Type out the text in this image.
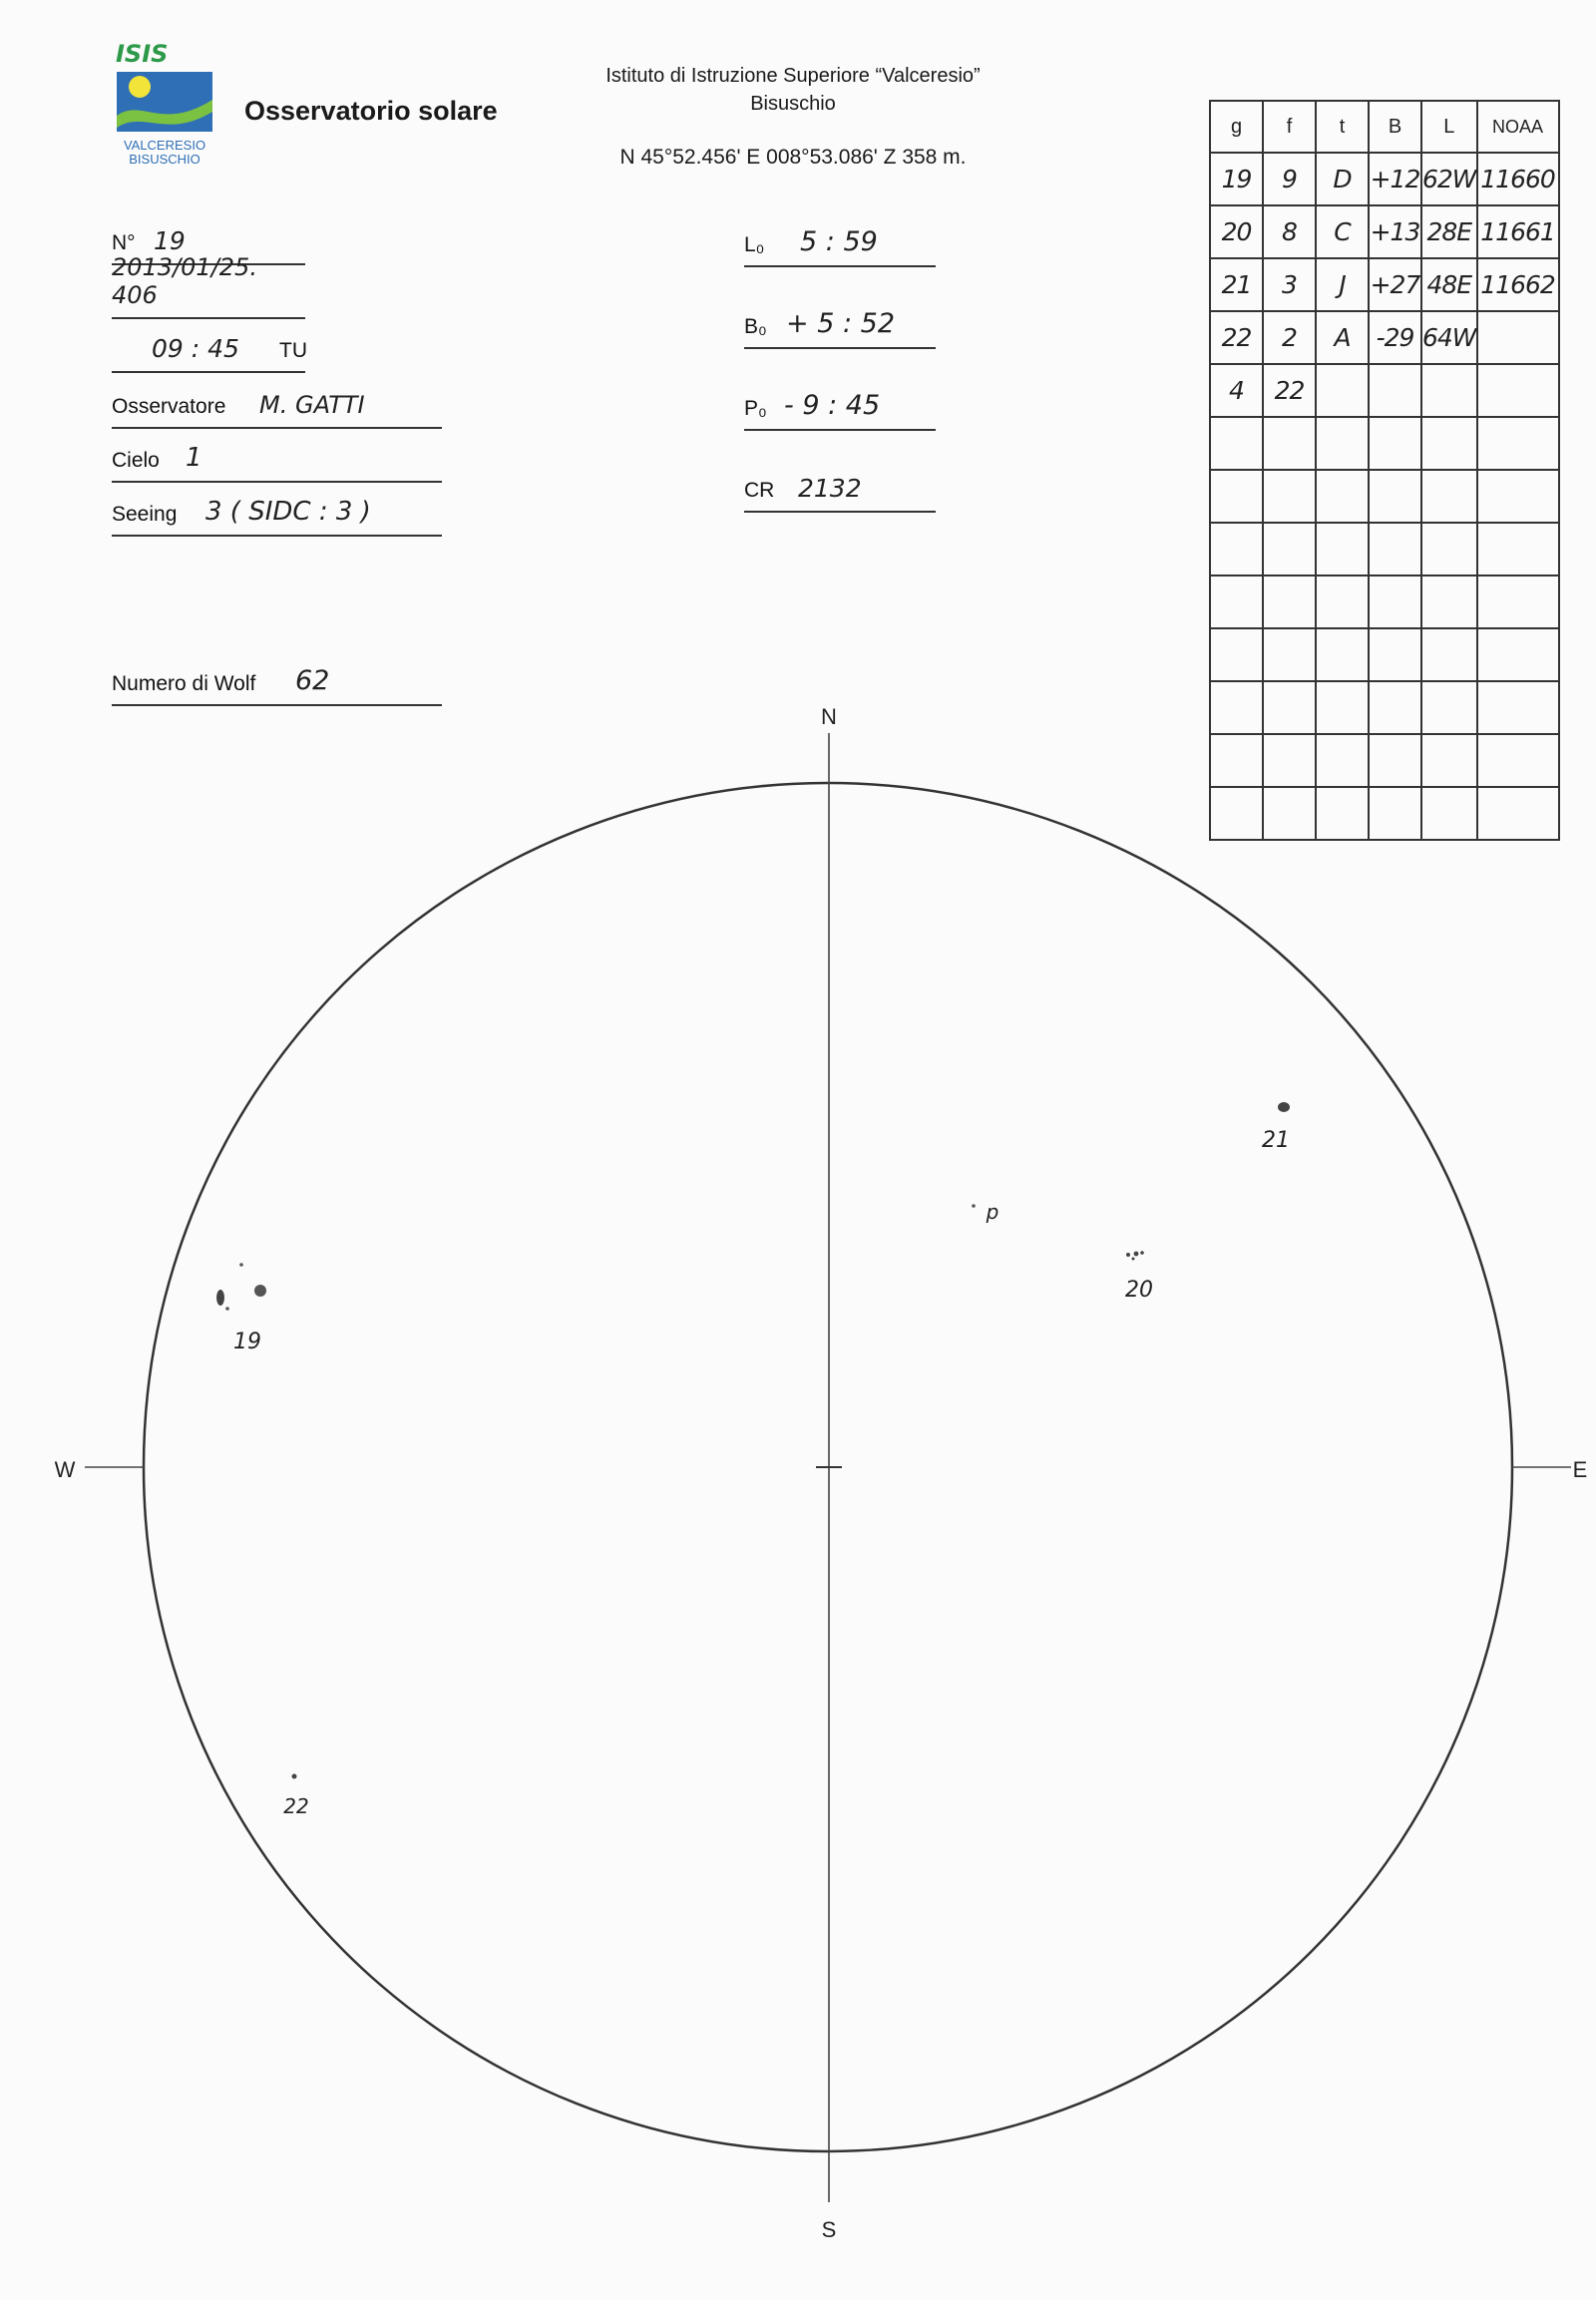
ISIS
VALCERESIO
BISUSCHIO
Osservatorio solare
Istituto di Istruzione Superiore “Valceresio”
Bisuschio
N 45°52.456' E 008°53.086' Z 358 m.
N° 19
2013/01/25. 406
09 : 45 TU
Osservatore M. GATTI
Cielo 1
Seeing 3 ( SIDC : 3 )
Numero di Wolf 62
L₀ 5 : 59
B₀ + 5 : 52
P₀ - 9 : 45
CR 2132
g	f	t	B	L	NOAA
19	9	D	+12	62W	11660
20	8	C	+13	28E	11661
21	3	J	+27	48E	11662
22	2	A	-29	64W	
4	22				

N
S
W	E
19
20
21
22
p
